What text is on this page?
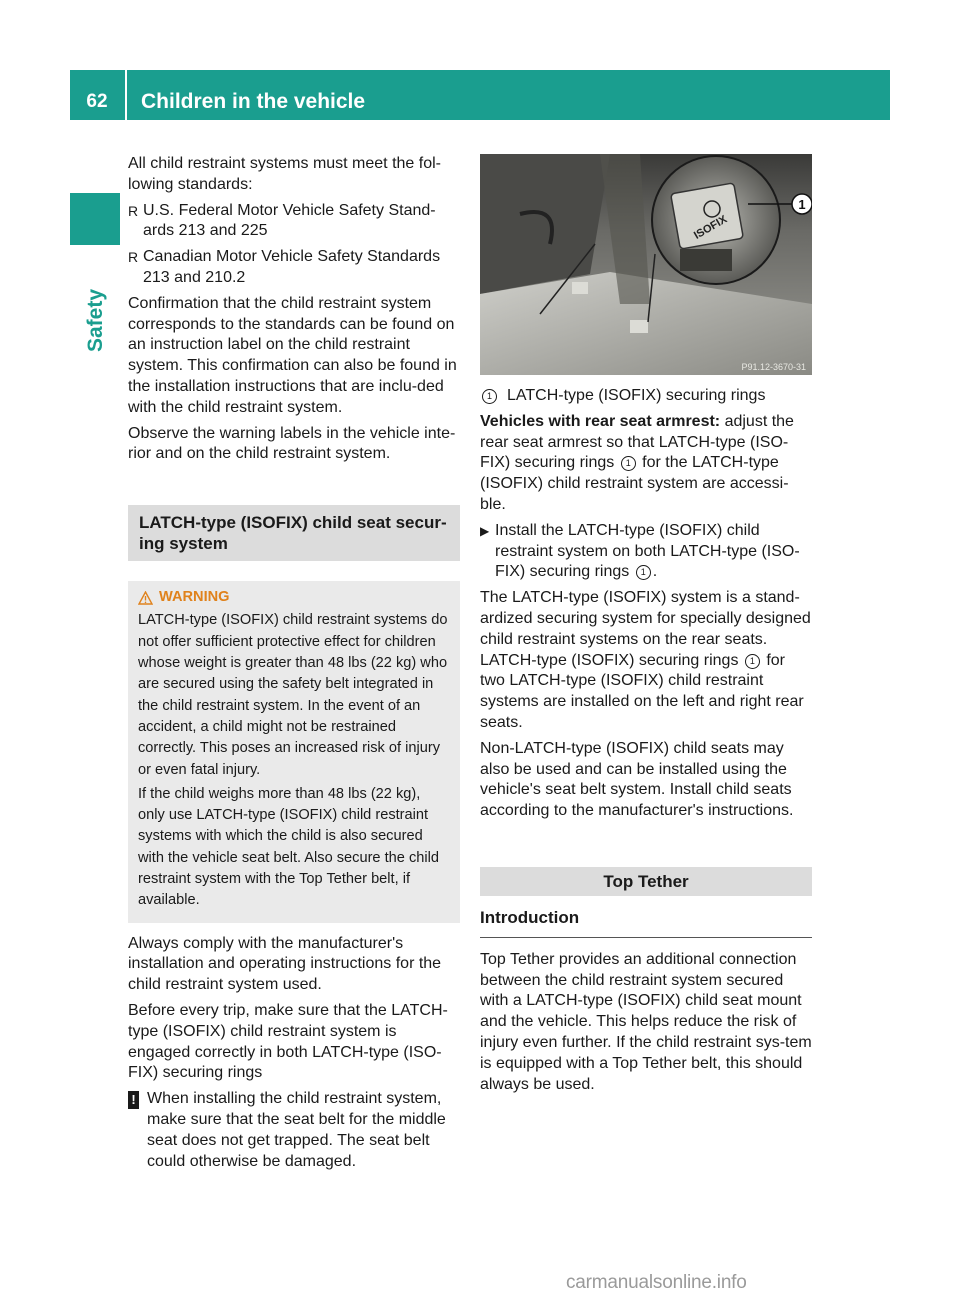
62	Children in the vehicle
Safety

All child restraint systems must meet the fol-lowing standards:

R U.S. Federal Motor Vehicle Safety Stand-ards 213 and 225
R Canadian Motor Vehicle Safety Standards 213 and 210.2

Confirmation that the child restraint system corresponds to the standards can be found on an instruction label on the child restraint system. This confirmation can also be found in the installation instructions that are inclu-ded with the child restraint system.

Observe the warning labels in the vehicle inte-rior and on the child restraint system.

LATCH-type (ISOFIX) child seat secur-ing system
WARNING

LATCH-type (ISOFIX) child restraint systems do not offer sufficient protective effect for children whose weight is greater than 48 lbs (22 kg) who are secured using the safety belt integrated in the child restraint system. In the event of an accident, a child might not be restrained correctly. This poses an increased risk of injury or even fatal injury.

If the child weighs more than 48 lbs (22 kg), only use LATCH-type (ISOFIX) child restraint systems with which the child is also secured with the vehicle seat belt. Also secure the child restraint system with the Top Tether belt, if available.

Always comply with the manufacturer's installation and operating instructions for the child restraint system used.

Before every trip, make sure that the LATCH-type (ISOFIX) child restraint system is engaged correctly in both LATCH-type (ISO-FIX) securing rings

! When installing the child restraint system, make sure that the seat belt for the middle seat does not get trapped. The seat belt could otherwise be damaged.
ISOFIX
1
P91.12-3670-31
1 LATCH-type (ISOFIX) securing rings

Vehicles with rear seat armrest: adjust the rear seat armrest so that LATCH-type (ISO-FIX) securing rings 1 for the LATCH-type (ISOFIX) child restraint system are accessi-ble.

▶ Install the LATCH-type (ISOFIX) child restraint system on both LATCH-type (ISO-FIX) securing rings 1 .

The LATCH-type (ISOFIX) system is a stand-ardized securing system for specially designed child restraint systems on the rear seats. LATCH-type (ISOFIX) securing rings 1 for two LATCH-type (ISOFIX) child restraint systems are installed on the left and right rear seats.

Non-LATCH-type (ISOFIX) child seats may also be used and can be installed using the vehicle's seat belt system. Install child seats according to the manufacturer's instructions.

Top Tether
Introduction

Top Tether provides an additional connection between the child restraint system secured with a LATCH-type (ISOFIX) child seat mount and the vehicle. This helps reduce the risk of injury even further. If the child restraint sys-tem is equipped with a Top Tether belt, this should always be used.

carmanualsonline.info
